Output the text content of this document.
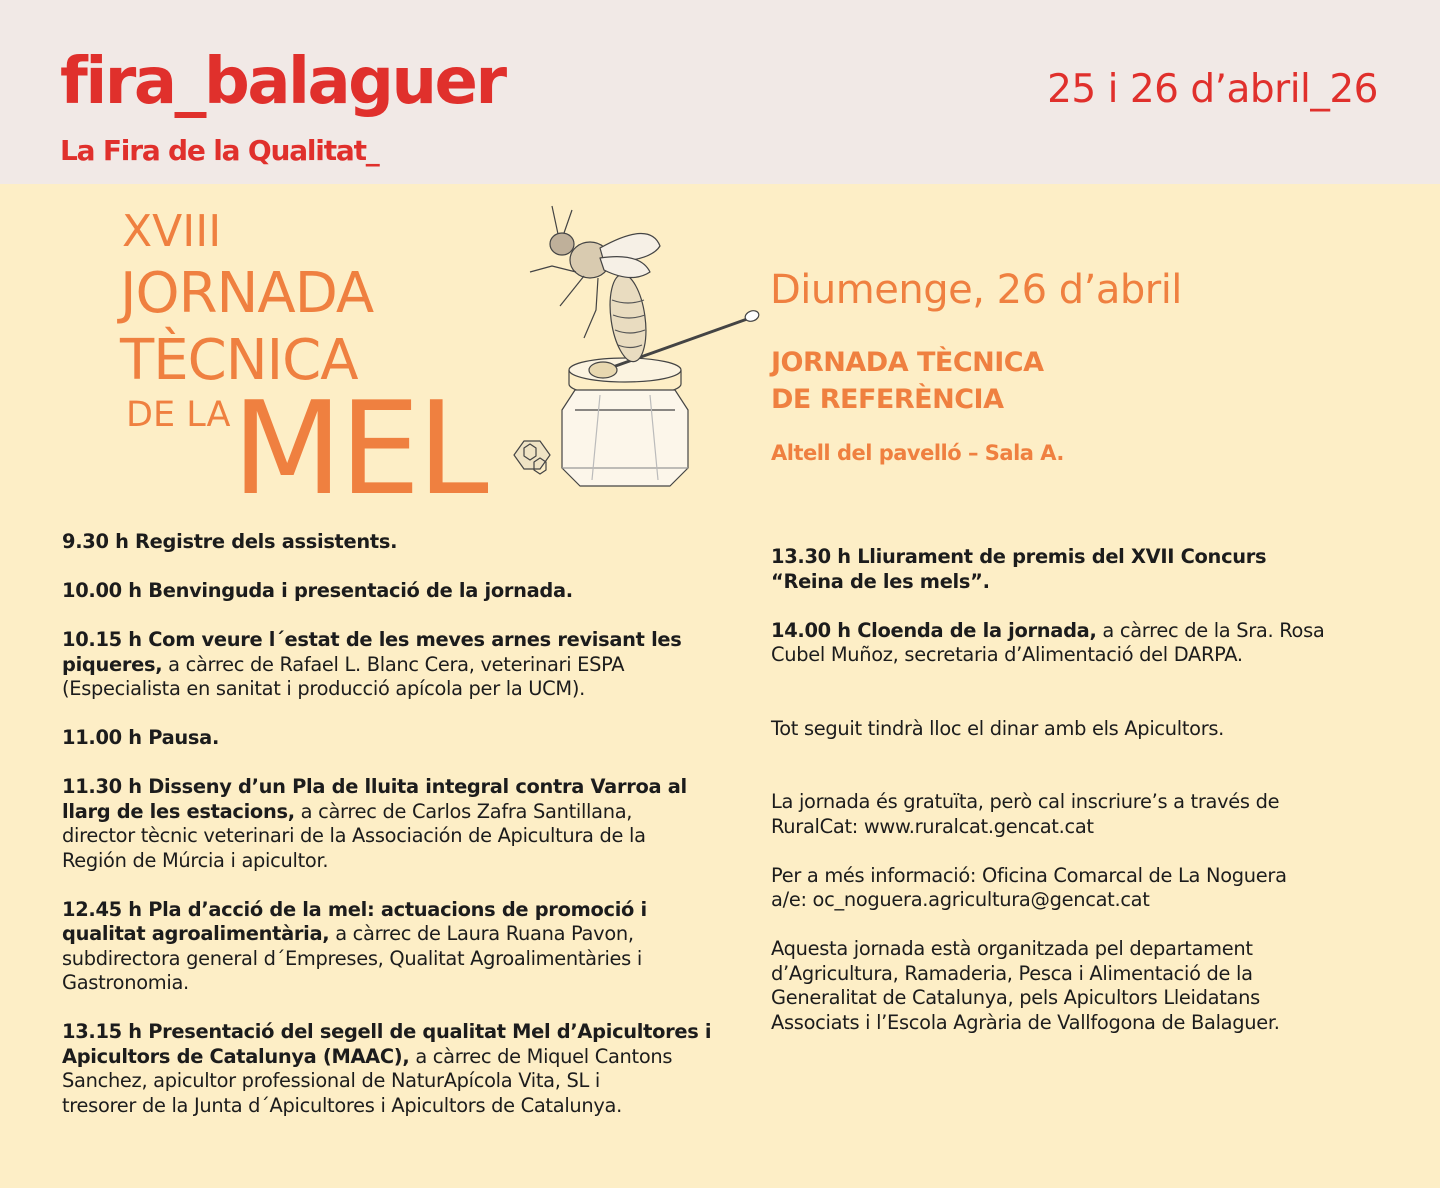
fira_balaguer
La Fira de la Qualitat_
25 i 26 d’abril_26
XVIII
JORNADA
TÈCNICA
DE LA MEL
Diumenge, 26 d’abril
JORNADA TÈCNICA
DE REFERÈNCIA
Altell del pavelló – Sala A.

9.30 h Registre dels assistents.

10.00 h Benvinguda i presentació de la jornada.

10.15 h Com veure l´estat de les meves arnes revisant les
piqueres, a càrrec de Rafael L. Blanc Cera, veterinari ESPA
(Especialista en sanitat i producció apícola per la UCM).

11.00 h Pausa.

11.30 h Disseny d’un Pla de lluita integral contra Varroa al
llarg de les estacions, a càrrec de Carlos Zafra Santillana,
director tècnic veterinari de la Associación de Apicultura de la
Región de Múrcia i apicultor.

12.45 h Pla d’acció de la mel: actuacions de promoció i
qualitat agroalimentària, a càrrec de Laura Ruana Pavon,
subdirectora general d´Empreses, Qualitat Agroalimentàries i
Gastronomia.

13.15 h Presentació del segell de qualitat Mel d’Apicultores i
Apicultors de Catalunya (MAAC), a càrrec de Miquel Cantons
Sanchez, apicultor professional de NaturApícola Vita, SL i
tresorer de la Junta d´Apicultores i Apicultors de Catalunya.

13.30 h Lliurament de premis del XVII Concurs
“Reina de les mels”.

14.00 h Cloenda de la jornada, a càrrec de la Sra. Rosa
Cubel Muñoz, secretaria d’Alimentació del DARPA.

Tot seguit tindrà lloc el dinar amb els Apicultors.

La jornada és gratuïta, però cal inscriure’s a través de
RuralCat: www.ruralcat.gencat.cat

Per a més informació: Oficina Comarcal de La Noguera
a/e: oc_noguera.agricultura@gencat.cat

Aquesta jornada està organitzada pel departament
d’Agricultura, Ramaderia, Pesca i Alimentació de la
Generalitat de Catalunya, pels Apicultors Lleidatans
Associats i l’Escola Agrària de Vallfogona de Balaguer.
